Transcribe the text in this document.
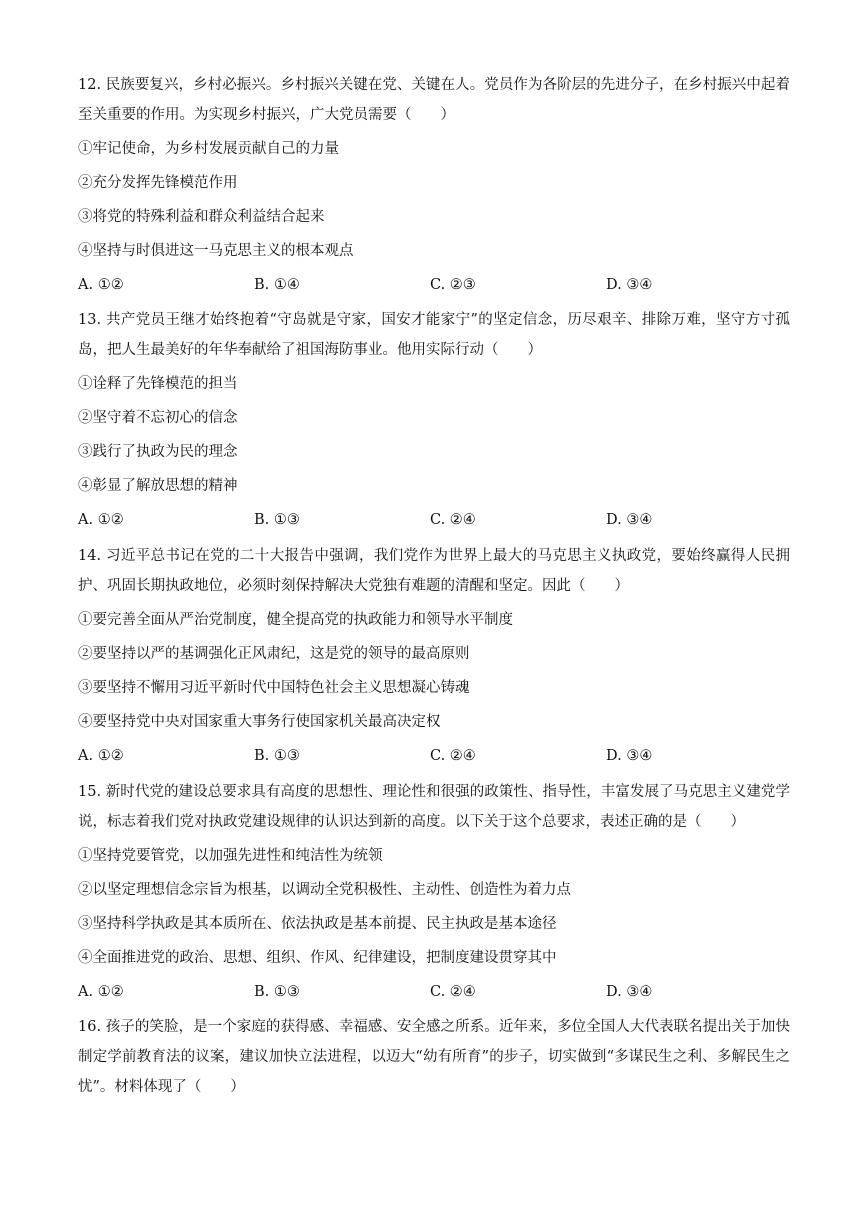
12. 民族要复兴，乡村必振兴。乡村振兴关键在党、关键在人。党员作为各阶层的先进分子，在乡村振兴中起着至关重要的作用。为实现乡村振兴，广大党员需要（　　）

①牢记使命，为乡村发展贡献自己的力量

②充分发挥先锋模范作用

③将党的特殊利益和群众利益结合起来

④坚持与时俱进这一马克思主义的根本观点

A. ①②	B. ①④	C. ②③	D. ③④

13. 共产党员王继才始终抱着“守岛就是守家，国安才能家宁”的坚定信念，历尽艰辛、排除万难，坚守方寸孤岛，把人生最美好的年华奉献给了祖国海防事业。他用实际行动（　　）

①诠释了先锋模范的担当

②坚守着不忘初心的信念

③践行了执政为民的理念

④彰显了解放思想的精神

A. ①②	B. ①③	C. ②④	D. ③④

14. 习近平总书记在党的二十大报告中强调，我们党作为世界上最大的马克思主义执政党，要始终赢得人民拥护、巩固长期执政地位，必须时刻保持解决大党独有难题的清醒和坚定。因此（　　）

①要完善全面从严治党制度，健全提高党的执政能力和领导水平制度

②要坚持以严的基调强化正风肃纪，这是党的领导的最高原则

③要坚持不懈用习近平新时代中国特色社会主义思想凝心铸魂

④要坚持党中央对国家重大事务行使国家机关最高决定权

A. ①②	B. ①③	C. ②④	D. ③④

15. 新时代党的建设总要求具有高度的思想性、理论性和很强的政策性、指导性，丰富发展了马克思主义建党学说，标志着我们党对执政党建设规律的认识达到新的高度。以下关于这个总要求，表述正确的是（　　）

①坚持党要管党，以加强先进性和纯洁性为统领

②以坚定理想信念宗旨为根基，以调动全党积极性、主动性、创造性为着力点

③坚持科学执政是其本质所在、依法执政是基本前提、民主执政是基本途径

④全面推进党的政治、思想、组织、作风、纪律建设，把制度建设贯穿其中

A. ①②	B. ①③	C. ②④	D. ③④

16. 孩子的笑脸，是一个家庭的获得感、幸福感、安全感之所系。近年来，多位全国人大代表联名提出关于加快制定学前教育法的议案，建议加快立法进程，以迈大“幼有所育”的步子，切实做到“多谋民生之利、多解民生之忧”。材料体现了（　　）
